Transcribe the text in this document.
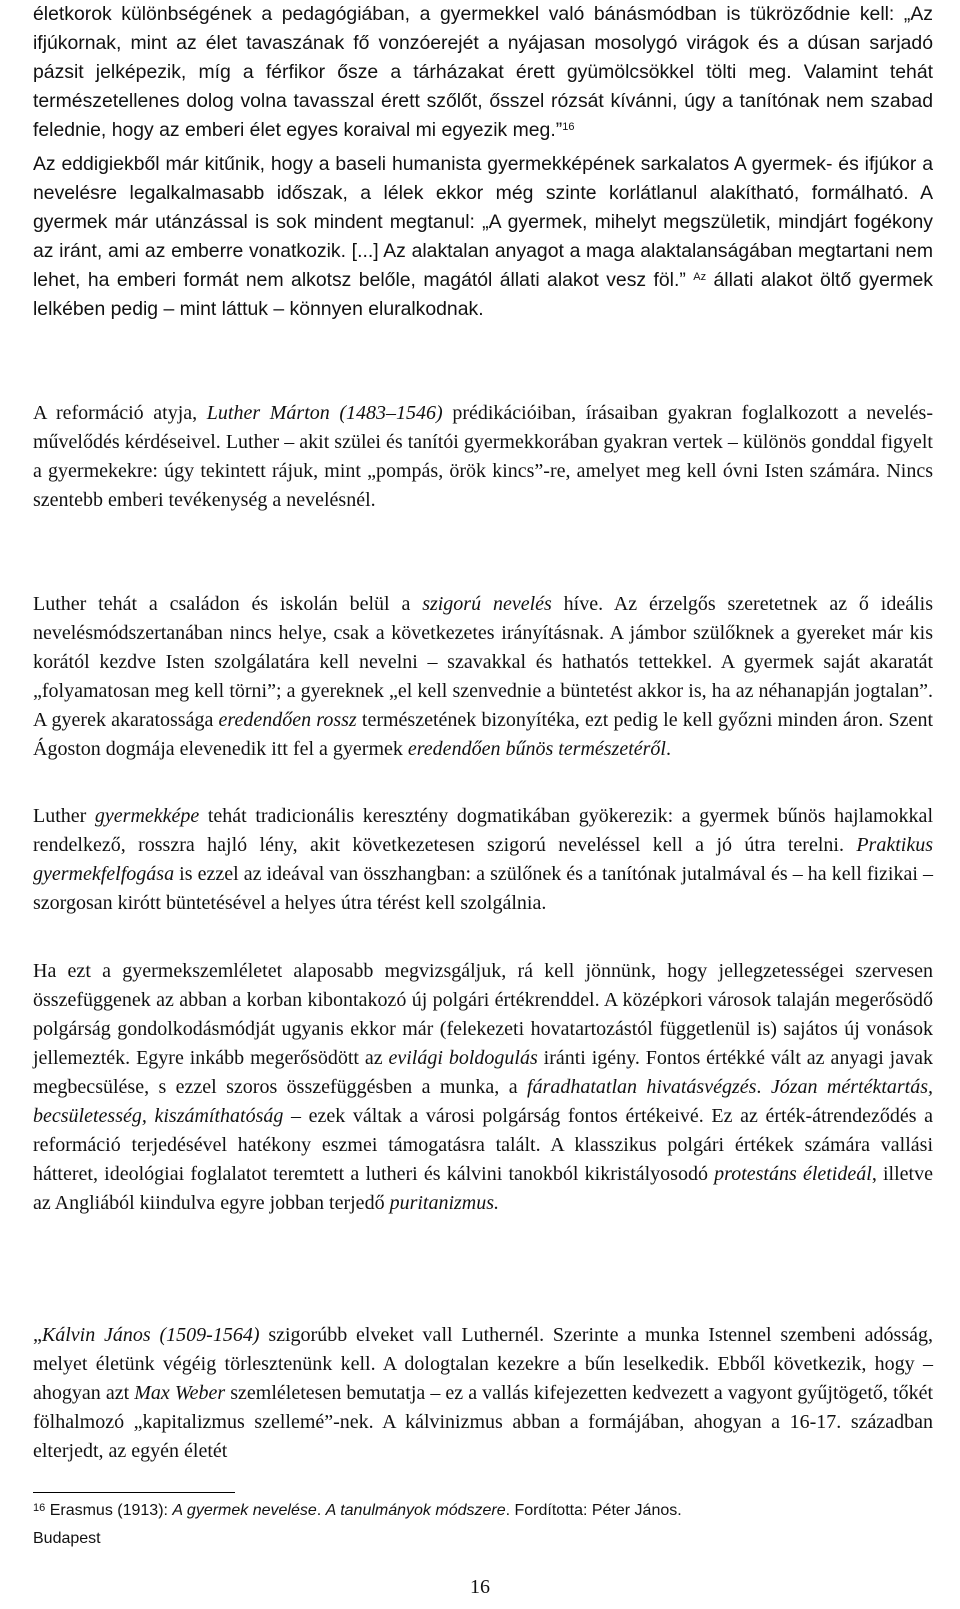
életkorok különbségének a pedagógiában, a gyermekkel való bánásmódban is tükröződnie kell: „Az ifjúkornak, mint az élet tavaszának fő vonzóerejét a nyájasan mosolygó virágok és a dúsan sarjadó pázsit jelképezik, míg a férfikor ősze a tárházakat érett gyümölcsökkel tölti meg. Valamint tehát természetellenes dolog volna tavasszal érett szőlőt, ősszel rózsát kívánni, úgy a tanítónak nem szabad felednie, hogy az emberi élet egyes koraival mi egyezik meg.”$^{16}$

Az eddigiekből már kitűnik, hogy a baseli humanista gyermekképének sarkalatos A gyermek- és ifjúkor a nevelésre legalkalmasabb időszak, a lélek ekkor még szinte korlátlanul alakítható, formálható. A gyermek már utánzással is sok mindent megtanul: „A gyermek, mihelyt megszületik, mindjárt fogékony az iránt, ami az emberre vonatkozik. [...] Az alaktalan anyagot a maga alaktalanságában megtartani nem lehet, ha emberi formát nem alkotsz belőle, magától állati alakot vesz föl.” $^{Az}$ állati alakot öltő gyermek lelkében pedig – mint láttuk – könnyen eluralkodnak.

A reformáció atyja, Luther Márton (1483–1546) prédikációiban, írásaiban gyakran foglalkozott a nevelés-művelődés kérdéseivel. Luther – akit szülei és tanítói gyermekkorában gyakran vertek – különös gonddal figyelt a gyermekekre: úgy tekintett rájuk, mint „pompás, örök kincs”-re, amelyet meg kell óvni Isten számára. Nincs szentebb emberi tevékenység a nevelésnél.

Luther tehát a családon és iskolán belül a szigorú nevelés híve. Az érzelgős szeretetnek az ő ideális nevelésmódszertanában nincs helye, csak a következetes irányításnak. A jámbor szülőknek a gyereket már kis korától kezdve Isten szolgálatára kell nevelni – szavakkal és hathatós tettekkel. A gyermek saját akaratát „folyamatosan meg kell törni”; a gyereknek „el kell szenvednie a büntetést akkor is, ha az néhanapján jogtalan”. A gyerek akaratossága eredendően rossz természetének bizonyítéka, ezt pedig le kell győzni minden áron. Szent Ágoston dogmája elevenedik itt fel a gyermek eredendően bűnös természetéről.

Luther gyermekképe tehát tradicionális keresztény dogmatikában gyökerezik: a gyermek bűnös hajlamokkal rendelkező, rosszra hajló lény, akit következetesen szigorú neveléssel kell a jó útra terelni. Praktikus gyermekfelfogása is ezzel az ideával van összhangban: a szülőnek és a tanítónak jutalmával és – ha kell fizikai – szorgosan kirótt büntetésével a helyes útra térést kell szolgálnia.

Ha ezt a gyermekszemléletet alaposabb megvizsgáljuk, rá kell jönnünk, hogy jellegzetességei szervesen összefüggenek az abban a korban kibontakozó új polgári értékrenddel. A középkori városok talaján megerősödő polgárság gondolkodásmódját ugyanis ekkor már (felekezeti hovatartozástól függetlenül is) sajátos új vonások jellemezték. Egyre inkább megerősödött az evilági boldogulás iránti igény. Fontos értékké vált az anyagi javak megbecsülése, s ezzel szoros összefüggésben a munka, a fáradhatatlan hivatásvégzés. Józan mértéktartás, becsületesség, kiszámíthatóság – ezek váltak a városi polgárság fontos értékeivé. Ez az érték-átrendeződés a reformáció terjedésével hatékony eszmei támogatásra talált. A klasszikus polgári értékek számára vallási hátteret, ideológiai foglalatot teremtett a lutheri és kálvini tanokból kikristályosodó protestáns életideál, illetve az Angliából kiindulva egyre jobban terjedő puritanizmus.

„Kálvin János (1509-1564) szigorúbb elveket vall Luthernél. Szerinte a munka Istennel szembeni adósság, melyet életünk végéig törlesztenünk kell. A dologtalan kezekre a bűn leselkedik. Ebből következik, hogy – ahogyan azt Max Weber szemléletesen bemutatja – ez a vallás kifejezetten kedvezett a vagyont gyűjtögető, tőkét fölhalmozó „kapitalizmus szellemé”-nek. A kálvinizmus abban a formájában, ahogyan a 16-17. században elterjedt, az egyén életét

$^{16}$ Erasmus (1913): A gyermek nevelése. A tanulmányok módszere. Fordította: Péter János.
Budapest
16
